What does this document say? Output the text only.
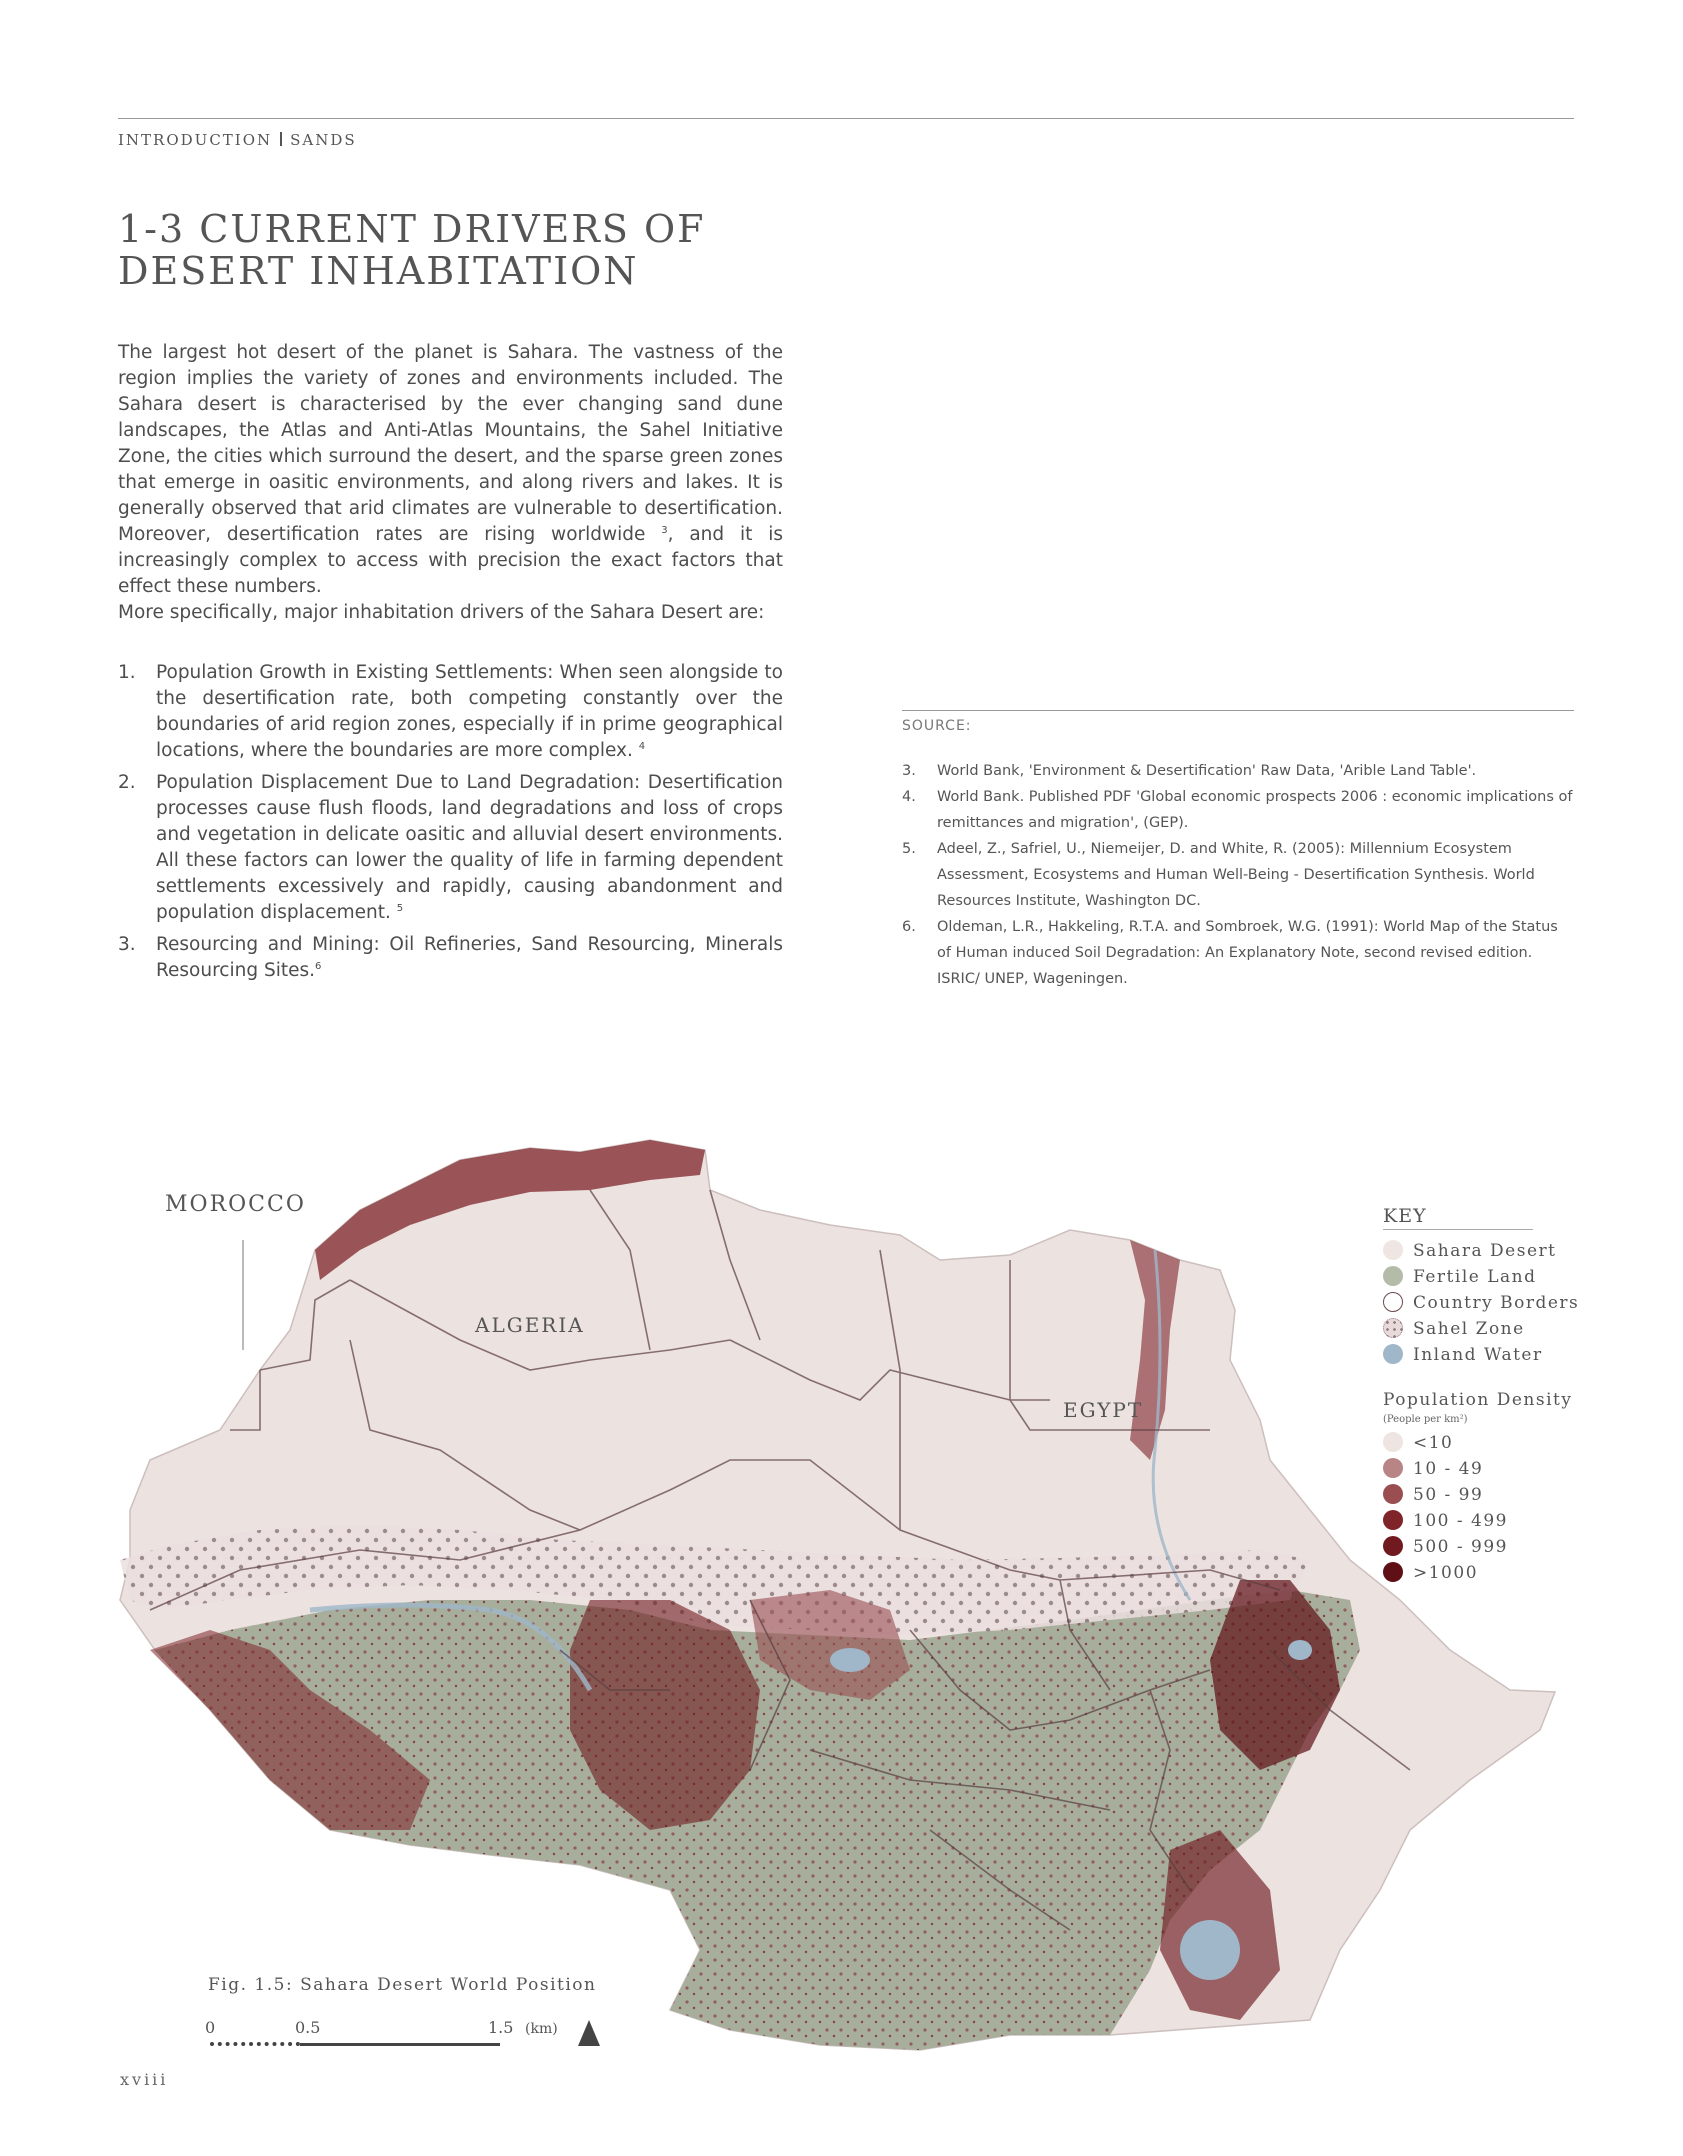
INTRODUCTION SANDS
1-3 CURRENT DRIVERS OF DESERT INHABITATION

The largest hot desert of the planet is Sahara. The vastness of the region implies the variety of zones and environments included. The Sahara desert is characterised by the ever changing sand dune landscapes, the Atlas and Anti-Atlas Mountains, the Sahel Initiative Zone, the cities which surround the desert, and the sparse green zones that emerge in oasitic environments, and along rivers and lakes. It is generally observed that arid climates are vulnerable to desertification. Moreover, desertification rates are rising worldwide $^3$, and it is increasingly complex to access with precision the exact factors that effect these numbers.

More specifically, major inhabitation drivers of the Sahara Desert are:

1. Population Growth in Existing Settlements: When seen alongside to the desertification rate, both competing constantly over the boundaries of arid region zones, especially if in prime geographical locations, where the boundaries are more complex. $^4$
2. Population Displacement Due to Land Degradation: Desertification processes cause flush floods, land degradations and loss of crops and vegetation in delicate oasitic and alluvial desert environments. All these factors can lower the quality of life in farming dependent settlements excessively and rapidly, causing abandonment and population displacement. $^5$
3. Resourcing and Mining: Oil Refineries, Sand Resourcing, Minerals Resourcing Sites.$^6$
SOURCE:
3. World Bank, 'Environment & Desertification' Raw Data, 'Arible Land Table'.
4. World Bank. Published PDF 'Global economic prospects 2006 : economic implications of remittances and migration', (GEP).
5. Adeel, Z., Safriel, U., Niemeijer, D. and White, R. (2005): Millennium Ecosystem Assessment, Ecosystems and Human Well-Being - Desertification Synthesis. World Resources Institute, Washington DC.
6. Oldeman, L.R., Hakkeling, R.T.A. and Sombroek, W.G. (1991): World Map of the Status of Human induced Soil Degradation: An Explanatory Note, second revised edition. ISRIC/ UNEP, Wageningen.
MOROCCO
ALGERIA
EGYPT
KEY
Sahara Desert
Fertile Land
Country Borders
Sahel Zone
Inland Water
Population Density
(People per km²)
<10
10 - 49
50 - 99
100 - 499
500 - 999
>1000
Fig. 1.5: Sahara Desert World Position
0	0.5	1.5 (km)
xviii
